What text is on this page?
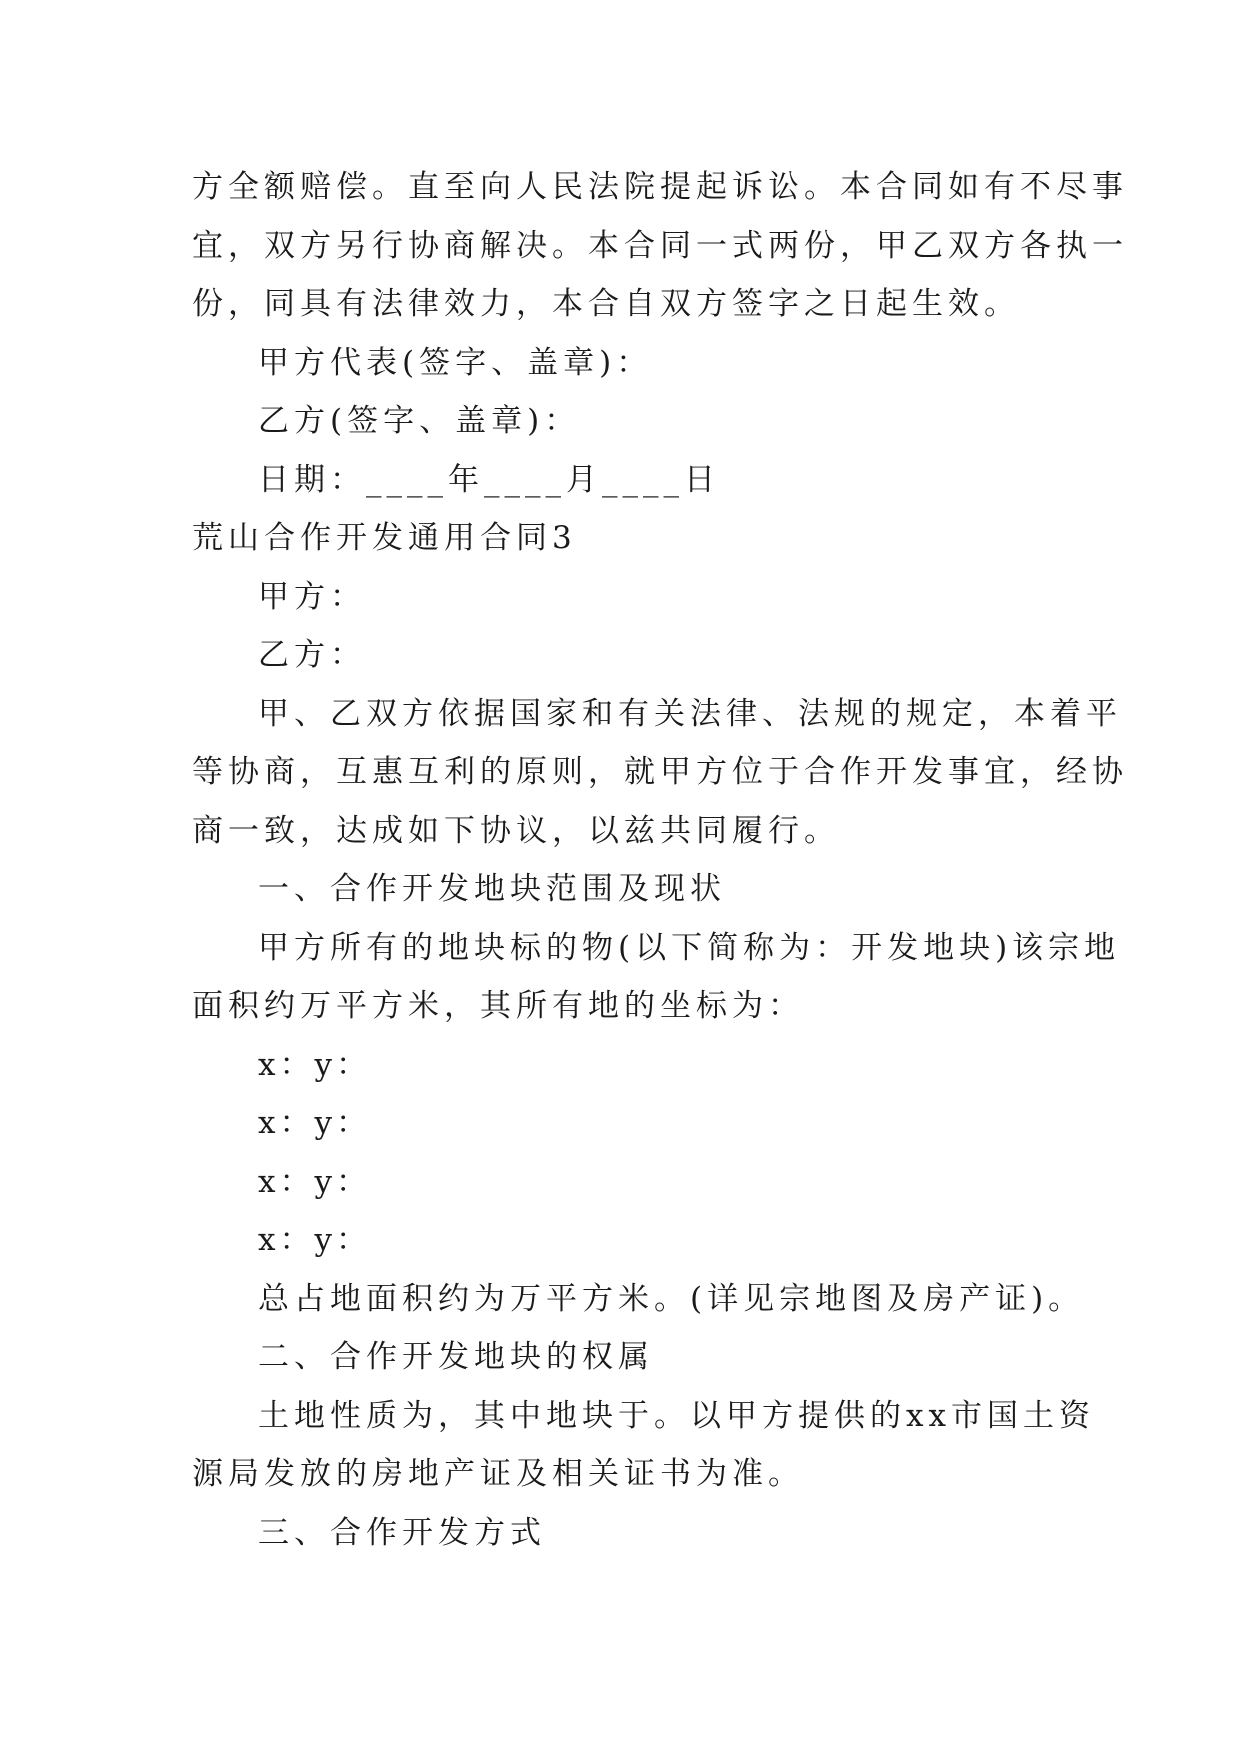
方全额赔偿。直至向人民法院提起诉讼。本合同如有不尽事
宜，双方另行协商解决。本合同一式两份，甲乙双方各执一
份，同具有法律效力，本合自双方签字之日起生效。
甲方代表(签字、盖章)：
乙方(签字、盖章)：
日期：____年____月____日
荒山合作开发通用合同3
甲方：
乙方：
甲、乙双方依据国家和有关法律、法规的规定，本着平
等协商，互惠互利的原则，就甲方位于合作开发事宜，经协
商一致，达成如下协议，以兹共同履行。
一、合作开发地块范围及现状
甲方所有的地块标的物(以下简称为：开发地块)该宗地
面积约万平方米，其所有地的坐标为：
x：y：
x：y：
x：y：
x：y：
总占地面积约为万平方米。(详见宗地图及房产证)。
二、合作开发地块的权属
土地性质为，其中地块于。以甲方提供的xx市国土资
源局发放的房地产证及相关证书为准。
三、合作开发方式
